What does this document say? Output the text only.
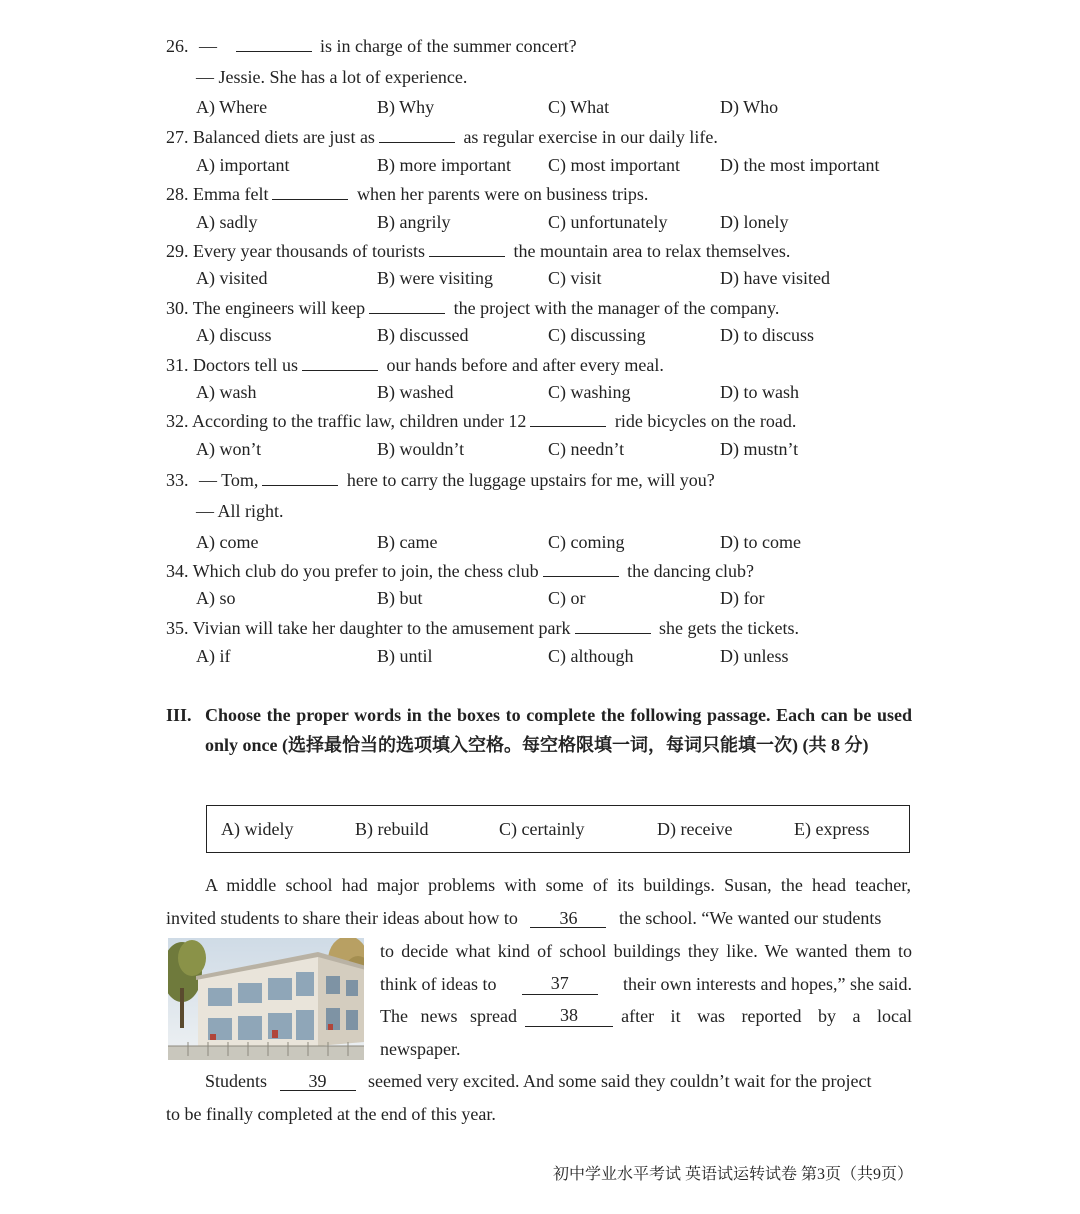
26. —	is in charge of the summer concert?
— Jessie. She has a lot of experience.
A) Where	B) Why	C) What	D) Who
27. Balanced diets are just as	as regular exercise in our daily life.
A) important	B) more important C) most important D) the most important
28. Emma felt	when her parents were on business trips.
A) sadly	B) angrily	C) unfortunately	D) lonely
29. Every year thousands of tourists	the mountain area to relax themselves.
A) visited	B) were visiting	C) visit	D) have visited
30. The engineers will keep	the project with the manager of the company.
A) discuss	B) discussed	C) discussing	D) to discuss
31. Doctors tell us	our hands before and after every meal.
A) wash	B) washed	C) washing	D) to wash
32. According to the traffic law, children under 12	ride bicycles on the road.
A) won’t	B) wouldn’t	C) needn’t	D) mustn’t
33. — Tom,	here to carry the luggage upstairs for me, will you?
— All right.
A) come	B) came	C) coming	D) to come
34. Which club do you prefer to join, the chess club	the dancing club?
A) so	B) but	C) or	D) for
35. Vivian will take her daughter to the amusement park	she gets the tickets.
A) if	B) until	C) although	D) unless
III. Choose the proper words in the boxes to complete the following passage. Each can be used only once (选择最恰当的选项填入空格。每空格限填一词，每词只能填一次) (共 8 分)
A) widely	B) rebuild	C) certainly	D) receive	E) express
A middle school had major problems with some of its buildings. Susan, the head teacher,
invited students to share their ideas about how to 36 the school. “We wanted our students
to decide what kind of school buildings they like. We wanted them to
think of ideas to	37	their own interests and hopes,” she said.
The news spread	38	after it was reported by a local
newspaper.
Students 39 seemed very excited. And some said they couldn’t wait for the project
to be finally completed at the end of this year.
初中学业水平考试 英语试运转试卷 第3页（共9页）
